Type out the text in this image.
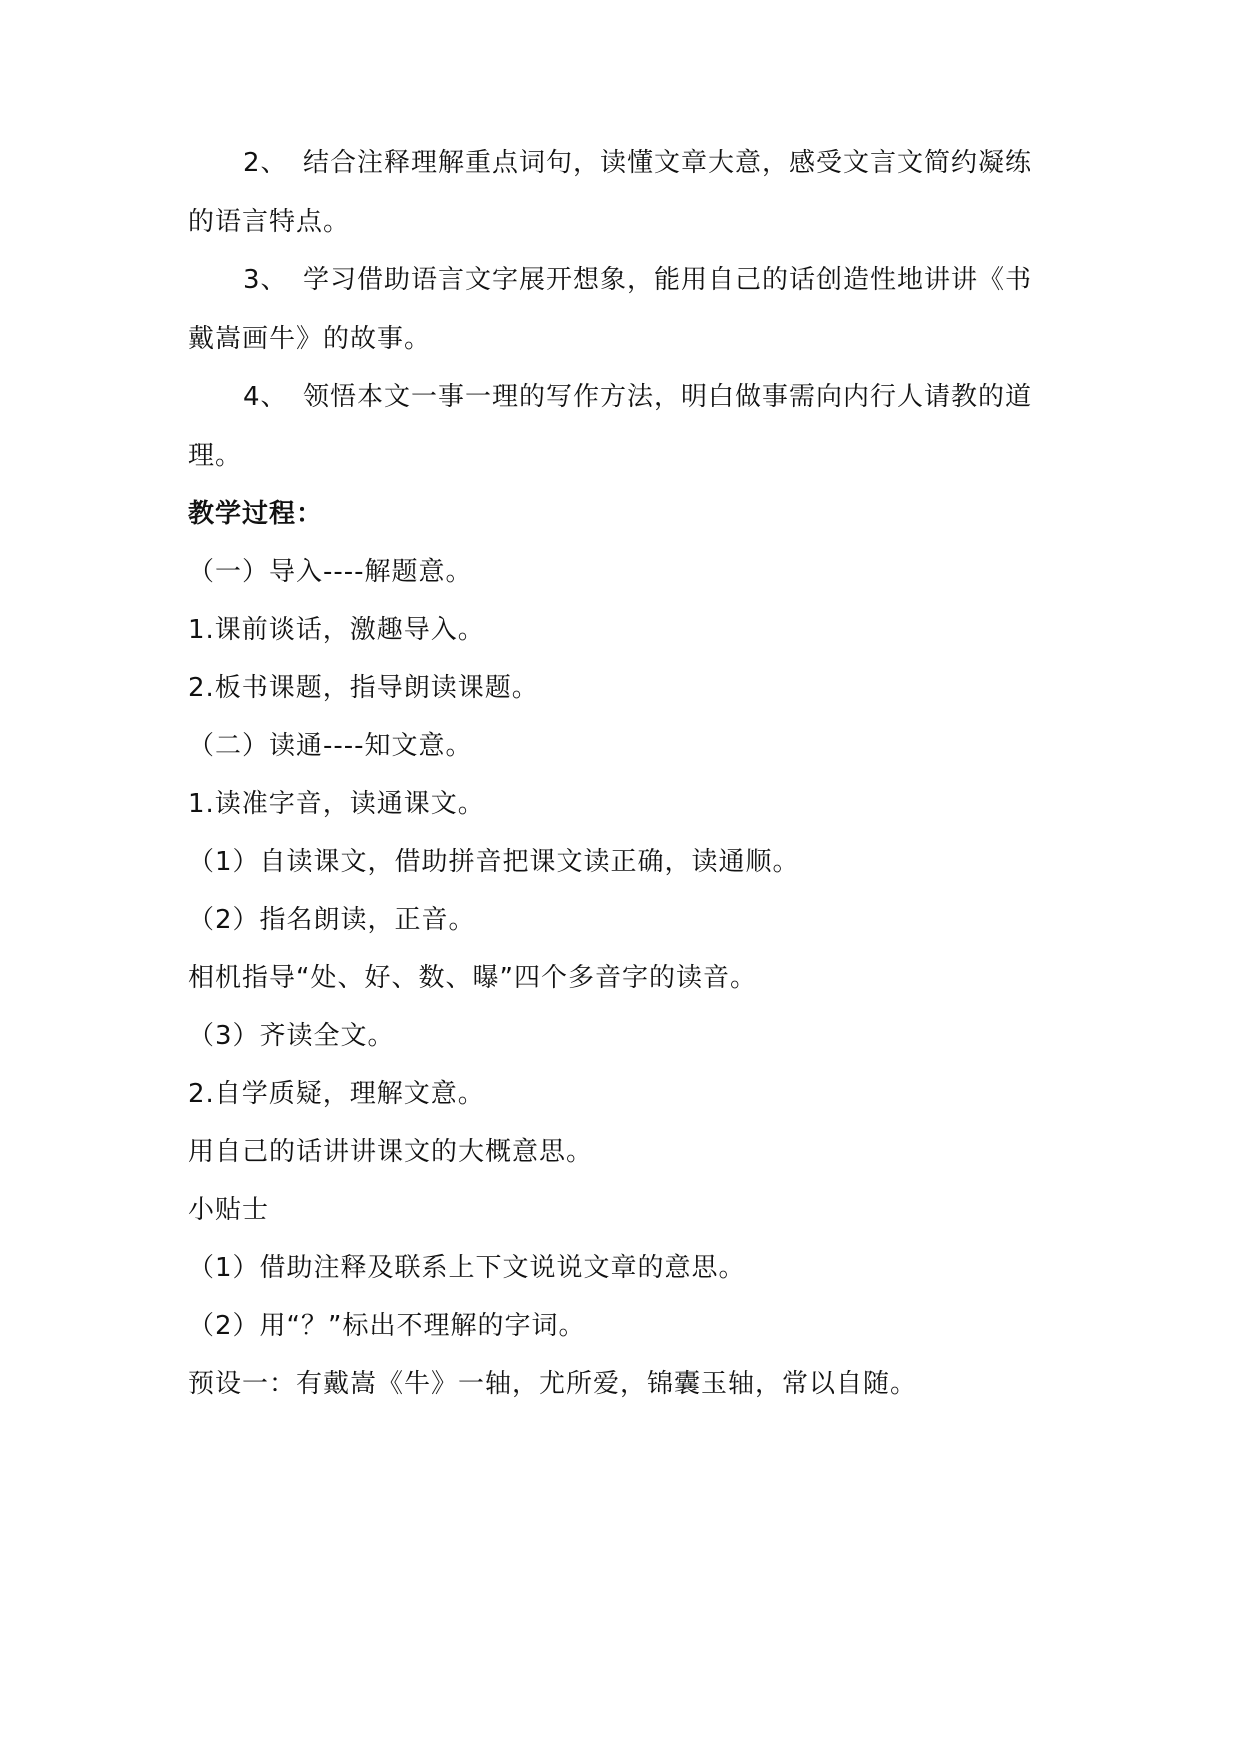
2、 结合注释理解重点词句，读懂文章大意，感受文言文简约凝练
的语言特点。
3、 学习借助语言文字展开想象，能用自己的话创造性地讲讲《书
戴嵩画牛》的故事。
4、 领悟本文一事一理的写作方法，明白做事需向内行人请教的道
理。
教学过程：
（一）导入----解题意。
1.课前谈话，激趣导入。
2.板书课题，指导朗读课题。
（二）读通----知文意。
1.读准字音，读通课文。
（1）自读课文，借助拼音把课文读正确，读通顺。
（2）指名朗读，正音。
相机指导“处、好、数、曝”四个多音字的读音。
（3）齐读全文。
2.自学质疑，理解文意。
用自己的话讲讲课文的大概意思。
小贴士
（1）借助注释及联系上下文说说文章的意思。
（2）用“？”标出不理解的字词。
预设一：有戴嵩《牛》一轴，尤所爱，锦囊玉轴，常以自随。
